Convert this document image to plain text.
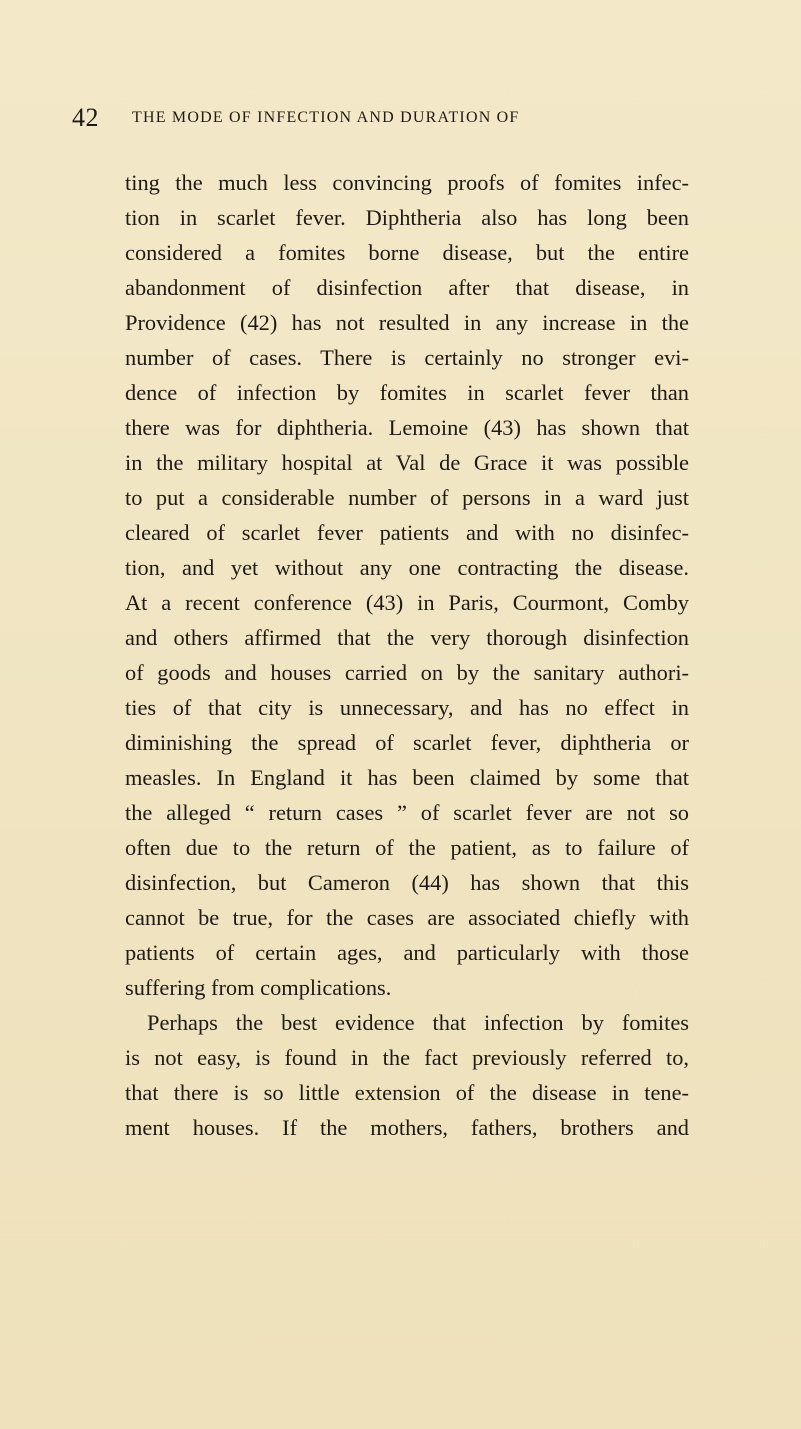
42 THE MODE OF INFECTION AND DURATION OF
ting the much less convincing proofs of fomites infec-
tion in scarlet fever. Diphtheria also has long been
considered a fomites borne disease, but the entire
abandonment of disinfection after that disease, in
Providence (42) has not resulted in any increase in the
number of cases. There is certainly no stronger evi-
dence of infection by fomites in scarlet fever than
there was for diphtheria. Lemoine (43) has shown that
in the military hospital at Val de Grace it was possible
to put a considerable number of persons in a ward just
cleared of scarlet fever patients and with no disinfec-
tion, and yet without any one contracting the disease.
At a recent conference (43) in Paris, Courmont, Comby
and others affirmed that the very thorough disinfection
of goods and houses carried on by the sanitary authori-
ties of that city is unnecessary, and has no effect in
diminishing the spread of scarlet fever, diphtheria or
measles. In England it has been claimed by some that
the alleged “ return cases ” of scarlet fever are not so
often due to the return of the patient, as to failure of
disinfection, but Cameron (44) has shown that this
cannot be true, for the cases are associated chiefly with
patients of certain ages, and particularly with those
suffering from complications.
Perhaps the best evidence that infection by fomites
is not easy, is found in the fact previously referred to,
that there is so little extension of the disease in tene-
ment houses. If the mothers, fathers, brothers and
